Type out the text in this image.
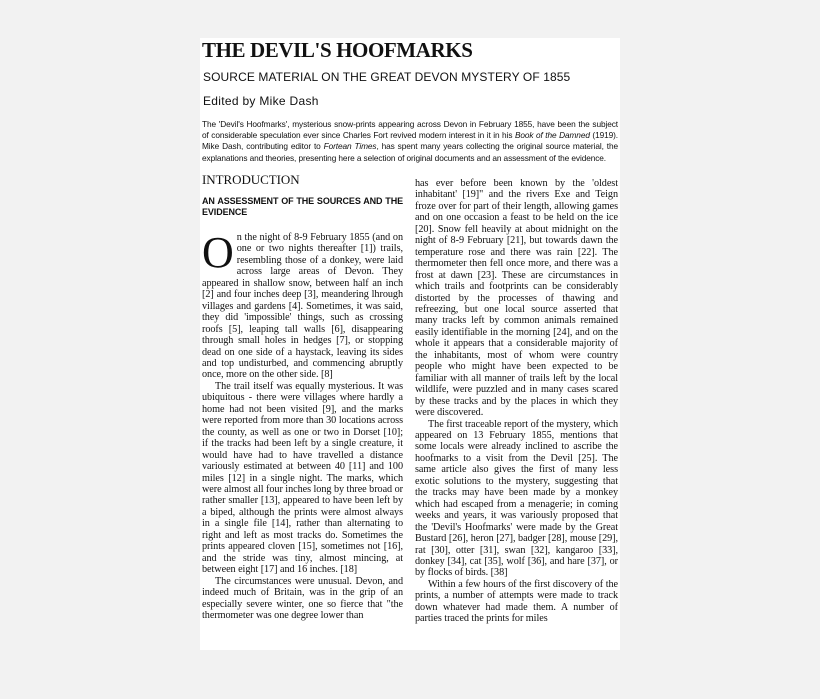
THE DEVIL'S HOOFMARKS
SOURCE MATERIAL ON THE GREAT DEVON MYSTERY OF 1855
Edited by Mike Dash
The 'Devil's Hoofmarks', mysterious snow-prints appearing across Devon in February 1855, have been the subject of considerable speculation ever since Charles Fort revived modern interest in it in his Book of the Damned (1919). Mike Dash, contributing editor to Fortean Times, has spent many years collecting the original source material, the explanations and theories, presenting here a selection of original documents and an assessment of the evidence.
INTRODUCTION
AN ASSESSMENT OF THE SOURCES AND THE EVIDENCE

On the night of 8-9 February 1855 (and on one or two nights thereafter [1]) trails, resembling those of a donkey, were laid across large areas of Devon. They appeared in shallow snow, between half an inch [2] and four inches deep [3], meandering lhrough villages and gardens [4]. Sometimes, it was said, they did 'impossible' things, such as crossing roofs [5], leaping tall walls [6], disappearing through small holes in hedges [7], or stopping dead on one side of a haystack, leaving its sides and top undisturbed, and commencing abruptly once, more on the other side. [8]

The trail itself was equally mysterious. It was ubiquitous - there were villages where hardly a home had not been visited [9], and the marks were reported from more than 30 locations across the county, as well as one or two in Dorset [10]; if the tracks had been left by a single creature, it would have had to have travelled a distance variously estimated at between 40 [11] and 100 miles [12] in a single night. The marks, which were almost all four inches long by three broad or rather smaller [13], appeared to have been left by a biped, although the prints were almost always in a single file [14], rather than alternating to right and left as most tracks do. Sometimes the prints appeared cloven [15], sometimes not [16], and the stride was tiny, almost mincing, at between eight [17] and 16 inches. [18]

The circumstances were unusual. Devon, and indeed much of Britain, was in the grip of an especially severe winter, one so fierce that "the thermometer was one degree lower than

has ever before been known by the 'oldest inhabitant' [19]" and the rivers Exe and Teign froze over for part of their length, allowing games and on one occasion a feast to be held on the ice [20]. Snow fell heavily at about midnight on the night of 8-9 February [21], but towards dawn the temperature rose and there was rain [22]. The thermometer then fell once more, and there was a frost at dawn [23]. These are circumstances in which trails and footprints can be considerably distorted by the processes of thawing and refreezing, but one local source asserted that many tracks left by common animals remained easily identifiable in the morning [24], and on the whole it appears that a considerable majority of the inhabitants, most of whom were country people who might have been expected to be familiar with all manner of trails left by the local wildlife, were puzzled and in many cases scared by these tracks and by the places in which they were discovered.

The first traceable report of the mystery, which appeared on 13 February 1855, mentions that some locals were already inclined to ascribe the hoofmarks to a visit from the Devil [25]. The same article also gives the first of many less exotic solutions to the mystery, suggesting that the tracks may have been made by a monkey which had escaped from a menagerie; in coming weeks and years, it was variously proposed that the 'Devil's Hoofmarks' were made by the Great Bustard [26], heron [27], badger [28], mouse [29], rat [30], otter [31], swan [32], kangaroo [33], donkey [34], cat [35], wolf [36], and hare [37], or by flocks of birds. [38]

Within a few hours of the first discovery of the prints, a number of attempts were made to track down whatever had made them. A number of parties traced the prints for miles
